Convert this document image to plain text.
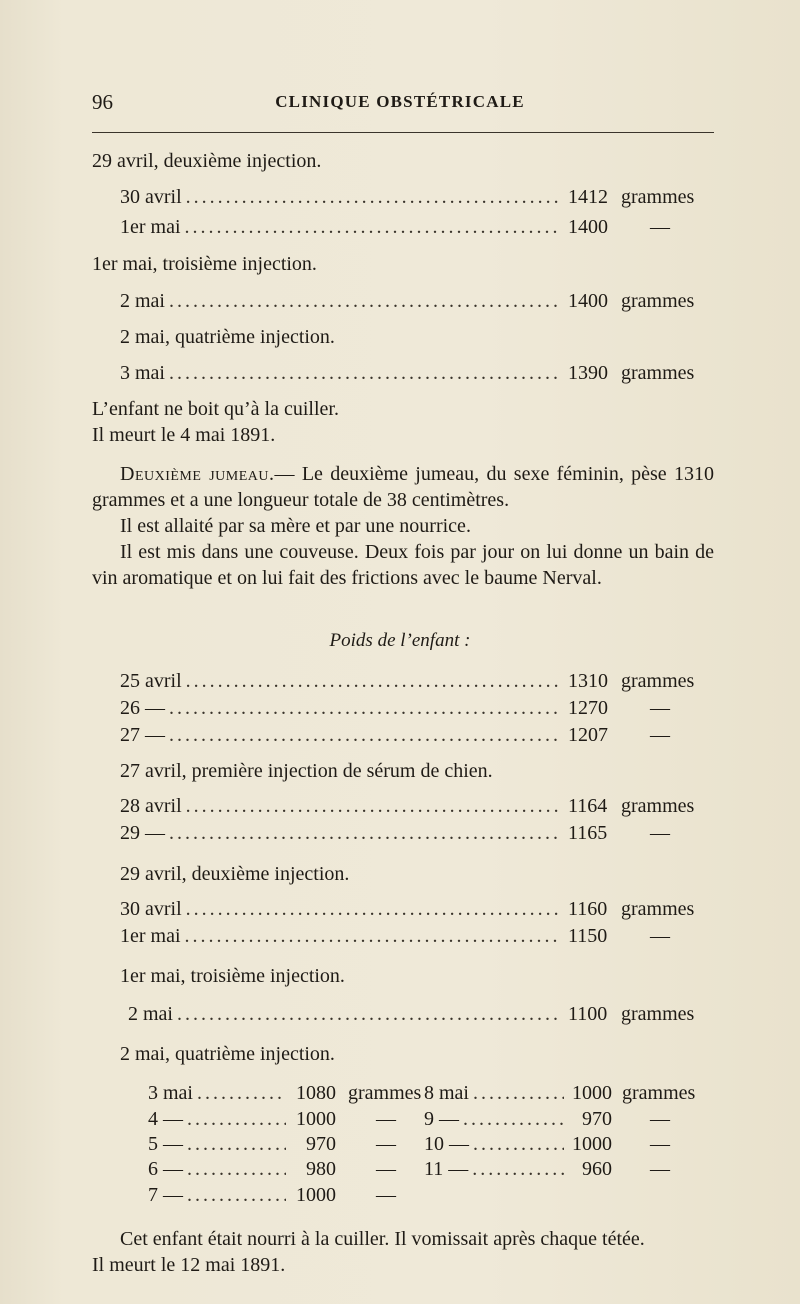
96	CLINIQUE OBSTÉTRICALE
29 avril, deuxième injection.
30 avril .....	1412 grammes
1er mai .....	1400 —
1er mai, troisième injection.
2 mai .....	1400 grammes
2 mai, quatrième injection.
3 mai .....	1390 grammes
L’enfant ne boit qu’à la cuiller.
Il meurt le 4 mai 1891.
Deuxième jumeau.— Le deuxième jumeau, du sexe féminin, pèse 1310 grammes et a une longueur totale de 38 centimètres.
Il est allaité par sa mère et par une nourrice.
Il est mis dans une couveuse. Deux fois par jour on lui donne un bain de vin aromatique et on lui fait des frictions avec le baume Nerval.
Poids de l’enfant :
25 avril .....	1310 grammes
26 — .....	1270 —
27 — .....	1207 —
27 avril, première injection de sérum de chien.
28 avril .....	1164 grammes
29 — .....	1165 —
29 avril, deuxième injection.
30 avril .....	1160 grammes
1er mai .....	1150 —
1er mai, troisième injection.
2 mai .....	1100 grammes
2 mai, quatrième injection.
3 mai .....	1080 grammes
4 — .....	1000 —
5 — .....	970 —
6 — .....	980 —
7 — .....	1000 —
8 mai .....	1000 grammes
9 — .....	970 —
10 — .....	1000 —
11 — .....	960 —
Cet enfant était nourri à la cuiller. Il vomissait après chaque tétée.
Il meurt le 12 mai 1891.
